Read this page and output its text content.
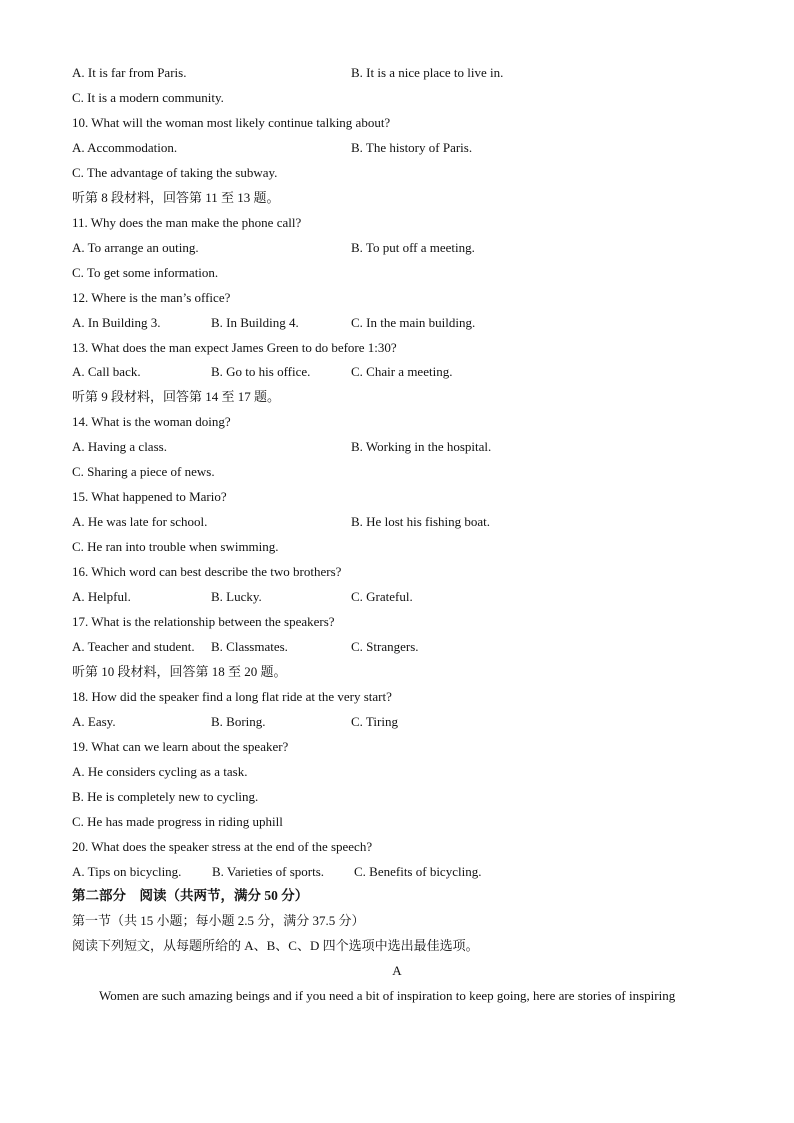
A. It is far from Paris.	B. It is a nice place to live in.
C. It is a modern community.
10. What will the woman most likely continue talking about?
A. Accommodation.	B. The history of Paris.
C. The advantage of taking the subway.
听第 8 段材料，回答第 11 至 13 题。
11. Why does the man make the phone call?
A. To arrange an outing.	B. To put off a meeting.
C. To get some information.
12. Where is the man’s office?
A. In Building 3.	B. In Building 4.	C. In the main building.
13. What does the man expect James Green to do before 1:30?
A. Call back.	B. Go to his office.	C. Chair a meeting.
听第 9 段材料，回答第 14 至 17 题。
14. What is the woman doing?
A. Having a class.	B. Working in the hospital.
C. Sharing a piece of news.
15. What happened to Mario?
A. He was late for school.	B. He lost his fishing boat.
C. He ran into trouble when swimming.
16. Which word can best describe the two brothers?
A. Helpful.	B. Lucky.	C. Grateful.
17. What is the relationship between the speakers?
A. Teacher and student. B. Classmates.	C. Strangers.
听第 10 段材料，回答第 18 至 20 题。
18. How did the speaker find a long flat ride at the very start?
A. Easy.	B. Boring.	C. Tiring
19. What can we learn about the speaker?
A. He considers cycling as a task.
B. He is completely new to cycling.
C. He has made progress in riding uphill
20. What does the speaker stress at the end of the speech?
A. Tips on bicycling. B. Varieties of sports. C. Benefits of bicycling.
第二部分　阅读（共两节，满分 50 分）
第一节（共 15 小题；每小题 2.5 分，满分 37.5 分）
阅读下列短文，从每题所给的 A、B、C、D 四个选项中选出最佳选项。
A
Women are such amazing beings and if you need a bit of inspiration to keep going, here are stories of inspiring
